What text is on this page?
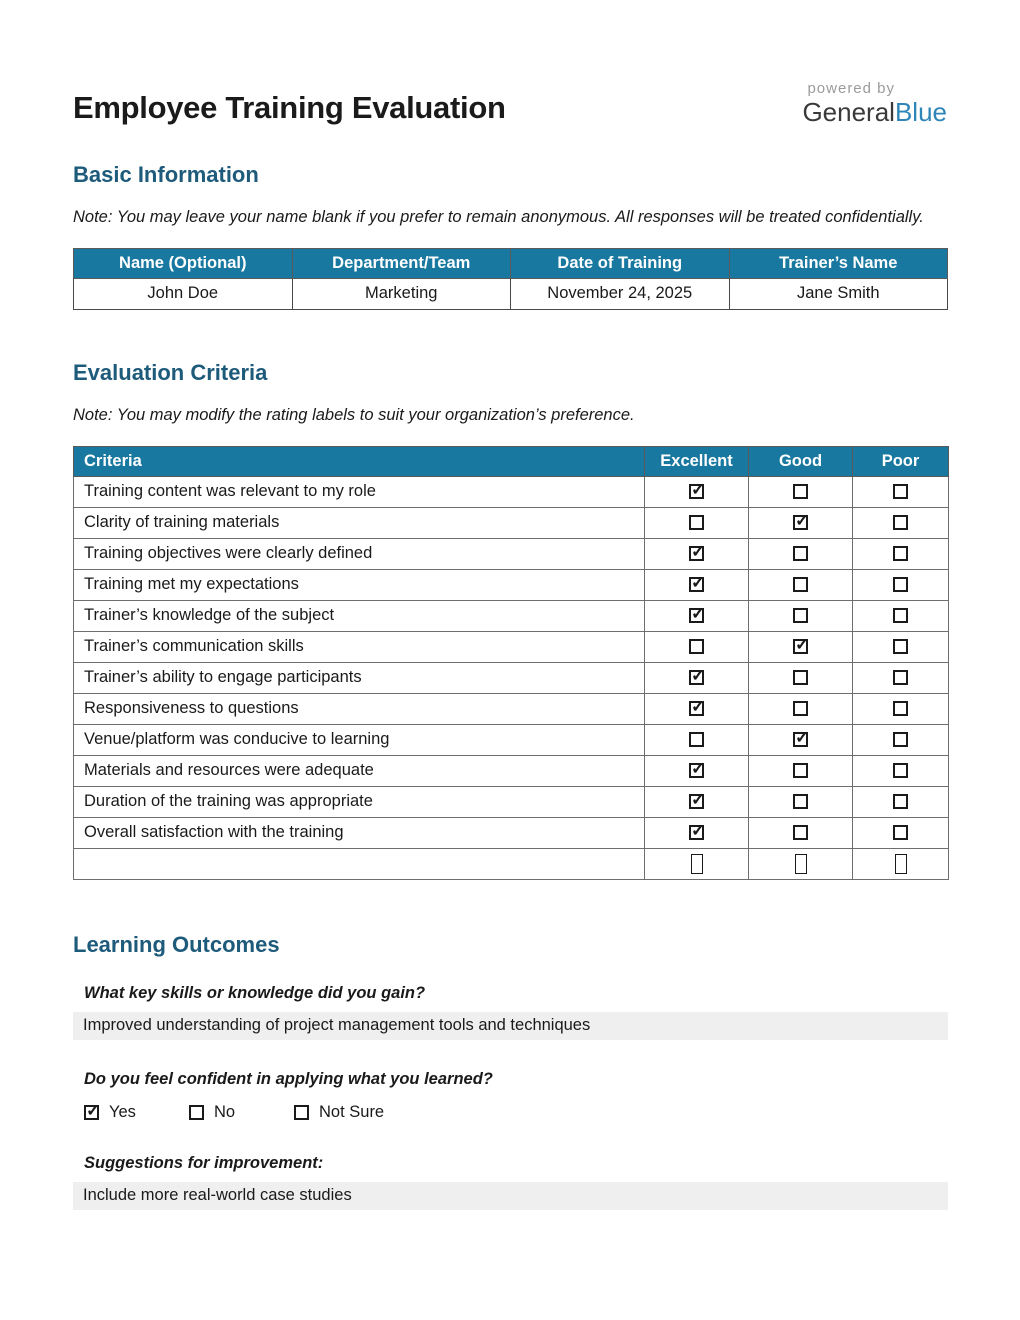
Employee Training Evaluation
powered by
GeneralBlue
Basic Information

Note: You may leave your name blank if you prefer to remain anonymous. All responses will be treated confidentially.

Name (Optional)	Department/Team	Date of Training	Trainer’s Name
John Doe	Marketing	November 24, 2025	Jane Smith
Evaluation Criteria

Note: You may modify the rating labels to suit your organization’s preference.

Criteria	Excellent	Good	Poor
Training content was relevant to my role	✓		
Clarity of training materials		✓	
Training objectives were clearly defined	✓		
Training met my expectations	✓		
Trainer’s knowledge of the subject	✓		
Trainer’s communication skills		✓	
Trainer’s ability to engage participants	✓		
Responsiveness to questions	✓		
Venue/platform was conducive to learning		✓	
Materials and resources were adequate	✓		
Duration of the training was appropriate	✓		
Overall satisfaction with the training	✓		

Learning Outcomes

What key skills or knowledge did you gain?

Improved understanding of project management tools and techniques

Do you feel confident in applying what you learned?

✓
Yes	No	Not Sure

Suggestions for improvement:

Include more real-world case studies
